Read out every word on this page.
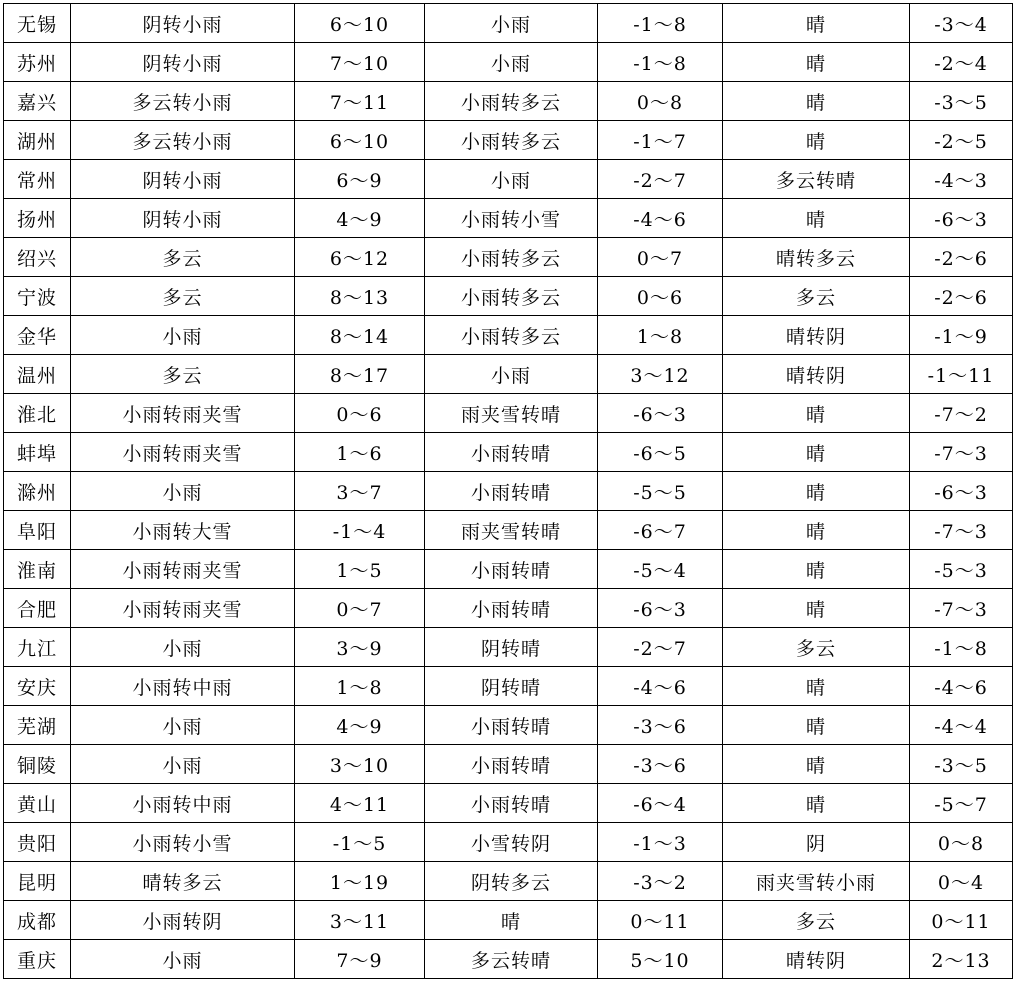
无锡	阴转小雨	6～10	小雨	-1～8	晴	-3～4
苏州	阴转小雨	7～10	小雨	-1～8	晴	-2～4
嘉兴	多云转小雨	7～11	小雨转多云	0～8	晴	-3～5
湖州	多云转小雨	6～10	小雨转多云	-1～7	晴	-2～5
常州	阴转小雨	6～9	小雨	-2～7	多云转晴	-4～3
扬州	阴转小雨	4～9	小雨转小雪	-4～6	晴	-6～3
绍兴	多云	6～12	小雨转多云	0～7	晴转多云	-2～6
宁波	多云	8～13	小雨转多云	0～6	多云	-2～6
金华	小雨	8～14	小雨转多云	1～8	晴转阴	-1～9
温州	多云	8～17	小雨	3～12	晴转阴	-1～11
淮北	小雨转雨夹雪	0～6	雨夹雪转晴	-6～3	晴	-7～2
蚌埠	小雨转雨夹雪	1～6	小雨转晴	-6～5	晴	-7～3
滁州	小雨	3～7	小雨转晴	-5～5	晴	-6～3
阜阳	小雨转大雪	-1～4	雨夹雪转晴	-6～7	晴	-7～3
淮南	小雨转雨夹雪	1～5	小雨转晴	-5～4	晴	-5～3
合肥	小雨转雨夹雪	0～7	小雨转晴	-6～3	晴	-7～3
九江	小雨	3～9	阴转晴	-2～7	多云	-1～8
安庆	小雨转中雨	1～8	阴转晴	-4～6	晴	-4～6
芜湖	小雨	4～9	小雨转晴	-3～6	晴	-4～4
铜陵	小雨	3～10	小雨转晴	-3～6	晴	-3～5
黄山	小雨转中雨	4～11	小雨转晴	-6～4	晴	-5～7
贵阳	小雨转小雪	-1～5	小雪转阴	-1～3	阴	0～8
昆明	晴转多云	1～19	阴转多云	-3～2	雨夹雪转小雨	0～4
成都	小雨转阴	3～11	晴	0～11	多云	0～11
重庆	小雨	7～9	多云转晴	5～10	晴转阴	2～13
